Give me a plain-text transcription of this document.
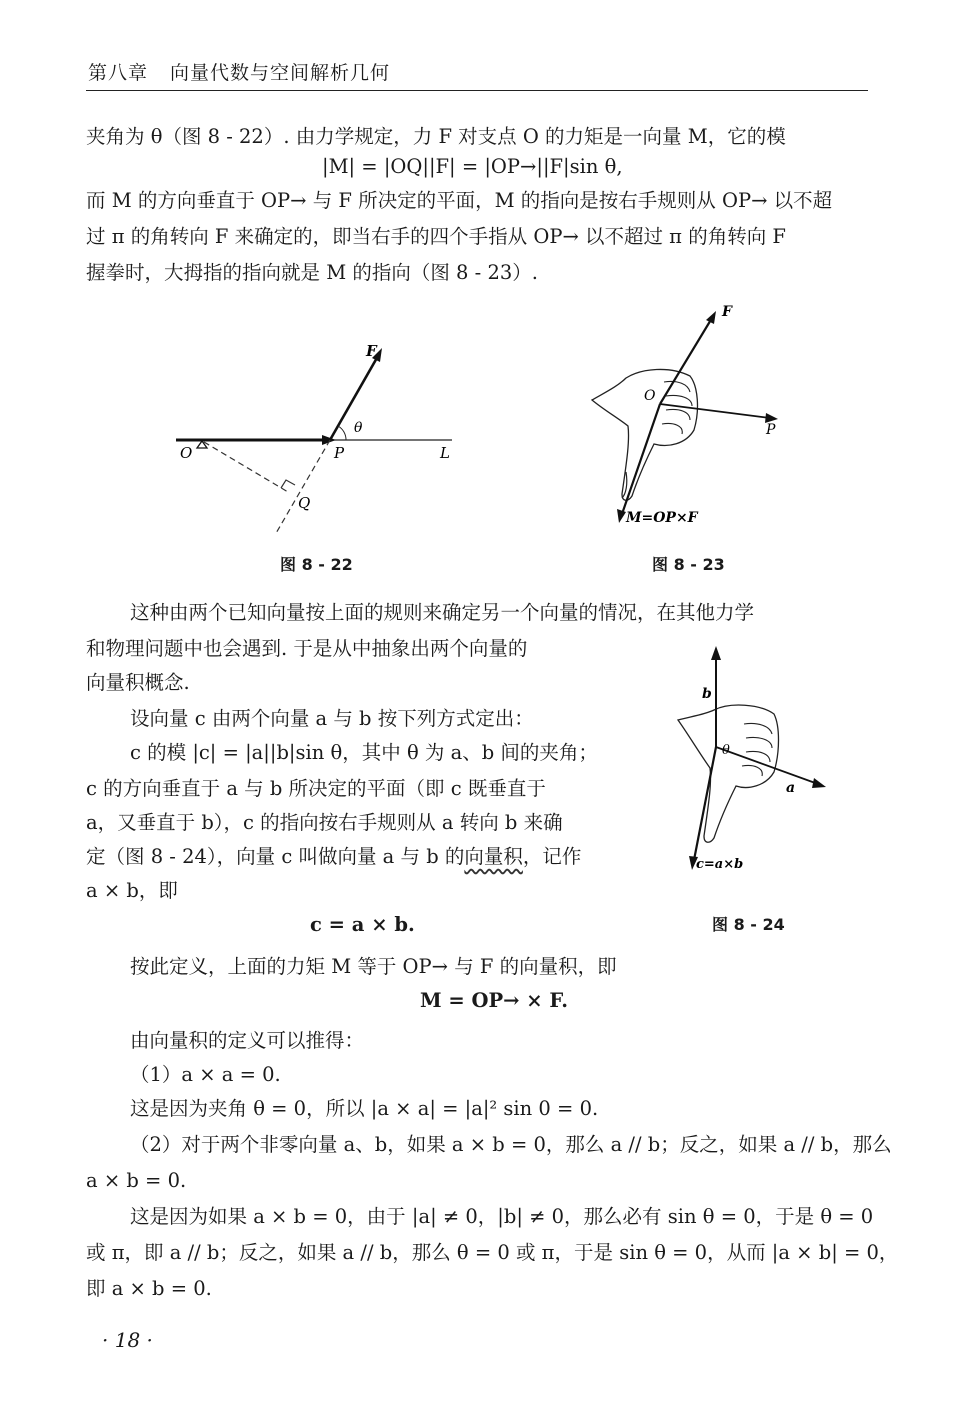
第八章 向量代数与空间解析几何
夹角为 θ（图 8 - 22）. 由力学规定，力 F 对支点 O 的力矩是一向量 M，它的模
|M| = |OQ||F| = |OP→||F|sin θ,
而 M 的方向垂直于 OP→ 与 F 所决定的平面，M 的指向是按右手规则从 OP→ 以不超
过 π 的角转向 F 来确定的，即当右手的四个手指从 OP→ 以不超过 π 的角转向 F
握拳时，大拇指的指向就是 M 的指向（图 8 - 23）.
F
θ
O	P	L
Q
图 8 - 22
F
O
P
M=OP×F
图 8 - 23
这种由两个已知向量按上面的规则来确定另一个向量的情况，在其他力学
和物理问题中也会遇到. 于是从中抽象出两个向量的
向量积概念.
设向量 c 由两个向量 a 与 b 按下列方式定出：
c 的模 |c| = |a||b|sin θ，其中 θ 为 a、b 间的夹角；
c 的方向垂直于 a 与 b 所决定的平面（即 c 既垂直于
a，又垂直于 b），c 的指向按右手规则从 a 转向 b 来确
定（图 8 - 24），向量 c 叫做向量 a 与 b 的向量积，记作
a × b，即
c = a × b.
b
θ
a
c=a×b
图 8 - 24
按此定义，上面的力矩 M 等于 OP→ 与 F 的向量积，即
M = OP→ × F.
由向量积的定义可以推得：
（1）a × a = 0.
这是因为夹角 θ = 0，所以 |a × a| = |a|² sin 0 = 0.
（2）对于两个非零向量 a、b，如果 a × b = 0，那么 a // b；反之，如果 a // b，那么
a × b = 0.
这是因为如果 a × b = 0，由于 |a| ≠ 0，|b| ≠ 0，那么必有 sin θ = 0，于是 θ = 0
或 π，即 a // b；反之，如果 a // b，那么 θ = 0 或 π，于是 sin θ = 0，从而 |a × b| = 0，
即 a × b = 0.
· 18 ·
